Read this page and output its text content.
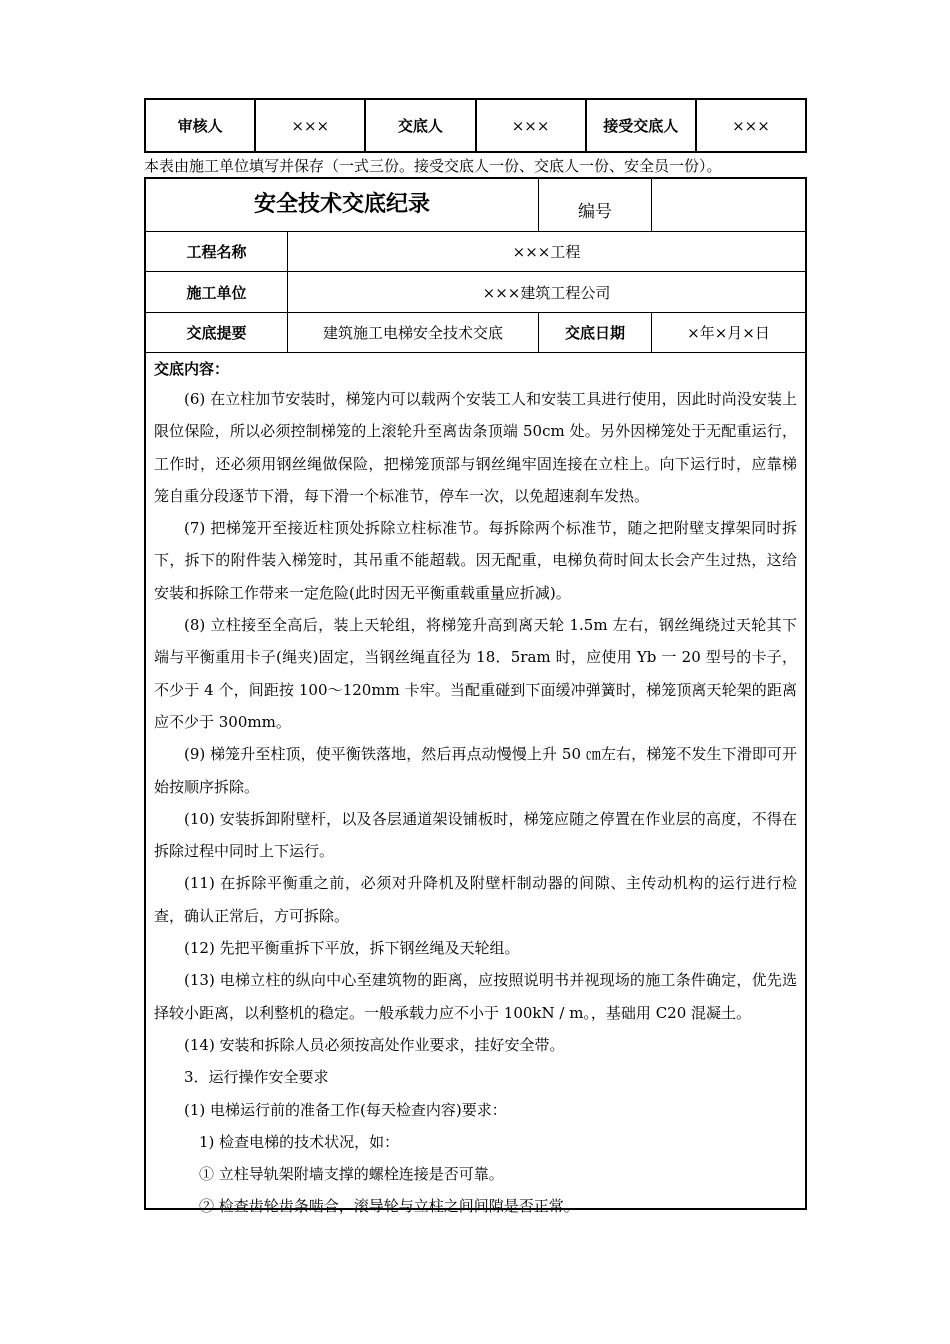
审核人	×××	交底人	×××	接受交底人	×××
本表由施工单位填写并保存（一式三份。接受交底人一份、交底人一份、安全员一份）。
安全技术交底纪录	编号
工程名称	×××工程
施工单位	×××建筑工程公司
交底提要	建筑施工电梯安全技术交底	交底日期	×年×月×日
交底内容：

(6) 在立柱加节安装时，梯笼内可以载两个安装工人和安装工具进行使用，因此时尚没安装上限位保险，所以必须控制梯笼的上滚轮升至离齿条顶端 50cm 处。另外因梯笼处于无配重运行，工作时，还必须用钢丝绳做保险，把梯笼顶部与钢丝绳牢固连接在立柱上。向下运行时，应靠梯笼自重分段逐节下滑，每下滑一个标准节，停车一次，以免超速刹车发热。

(7) 把梯笼开至接近柱顶处拆除立柱标准节。每拆除两个标准节，随之把附壁支撑架同时拆下，拆下的附件装入梯笼时，其吊重不能超载。因无配重，电梯负荷时间太长会产生过热，这给安装和拆除工作带来一定危险(此时因无平衡重载重量应折减)。

(8) 立柱接至全高后，装上天轮组，将梯笼升高到离天轮 1.5m 左右，钢丝绳绕过天轮其下端与平衡重用卡子(绳夹)固定，当钢丝绳直径为 18．5ram 时，应使用 Yb 一 20 型号的卡子，不少于 4 个，间距按 100～120mm 卡牢。当配重碰到下面缓冲弹簧时，梯笼顶离天轮架的距离应不少于 300mm。

(9) 梯笼升至柱顶，使平衡铁落地，然后再点动慢慢上升 50 ㎝左右，梯笼不发生下滑即可开始按顺序拆除。

(10) 安装拆卸附壁杆，以及各层通道架设铺板时，梯笼应随之停置在作业层的高度，不得在拆除过程中同时上下运行。

(11) 在拆除平衡重之前，必须对升降机及附壁杆制动器的间隙、主传动机构的运行进行检查，确认正常后，方可拆除。

(12) 先把平衡重拆下平放，拆下钢丝绳及天轮组。

(13) 电梯立柱的纵向中心至建筑物的距离，应按照说明书并视现场的施工条件确定，优先选择较小距离，以利整机的稳定。一般承载力应不小于 100kN / m。，基础用 C20 混凝土。

(14) 安装和拆除人员必须按高处作业要求，挂好安全带。

3．运行操作安全要求

(1) 电梯运行前的准备工作(每天检查内容)要求：

1) 检查电梯的技术状况，如：

① 立柱导轨架附墙支撑的螺栓连接是否可靠。

② 检查齿轮齿条啮合，滚导轮与立柱之间间隙是否正常。
